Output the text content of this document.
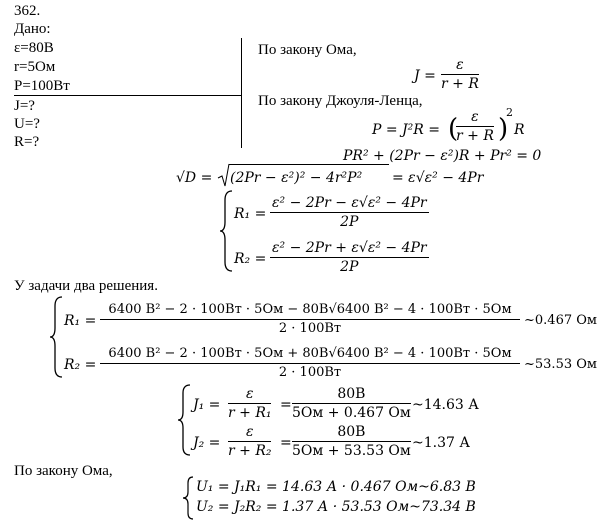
362.
Дано:
ε=80В
r=5Ом
P=100Вт
J=?
U=?
R=?
По закону Ома,
$J = \frac{\varepsilon}{r + R}$
По закону Джоуля-Ленца,
P = J²R = (
$\frac{\varepsilon}{r + R}$ )
2
R
PR² + (2Pr − ε²)R + Pr² = 0
√D = (2Pr − ε²)² − 4r²P² = ε√ε² − 4Pr
$R_1 = \frac{\text{ε² − 2Pr − ε√ε² − 4Pr}}{2P}$
$R_2 = \frac{\text{ε² − 2Pr + ε√ε² − 4Pr}}{2P}$
У задачи два решения.
R₁ =
6400 В² − 2 · 100Вт · 5Ом − 80В√6400 В² − 4 · 100Вт · 5Ом
2 · 100Вт
~0.467 Ом
R₂ =
6400 В² − 2 · 100Вт · 5Ом + 80В√6400 В² − 4 · 100Вт · 5Ом
2 · 100Вт
~53.53 Ом
$J_1 = \frac{\varepsilon}{\text{r + R₁}}$ =
80В
5Ом + 0.467 Ом ~14.63 А
$J_2 = \frac{\varepsilon}{\text{r + R₂}}$ =
80В
5Ом + 53.53 Ом ~1.37 А
По закону Ома,
U₁ = J₁R₁ = 14.63 А · 0.467 Ом~6.83 В
U₂ = J₂R₂ = 1.37 А · 53.53 Ом~73.34 В
